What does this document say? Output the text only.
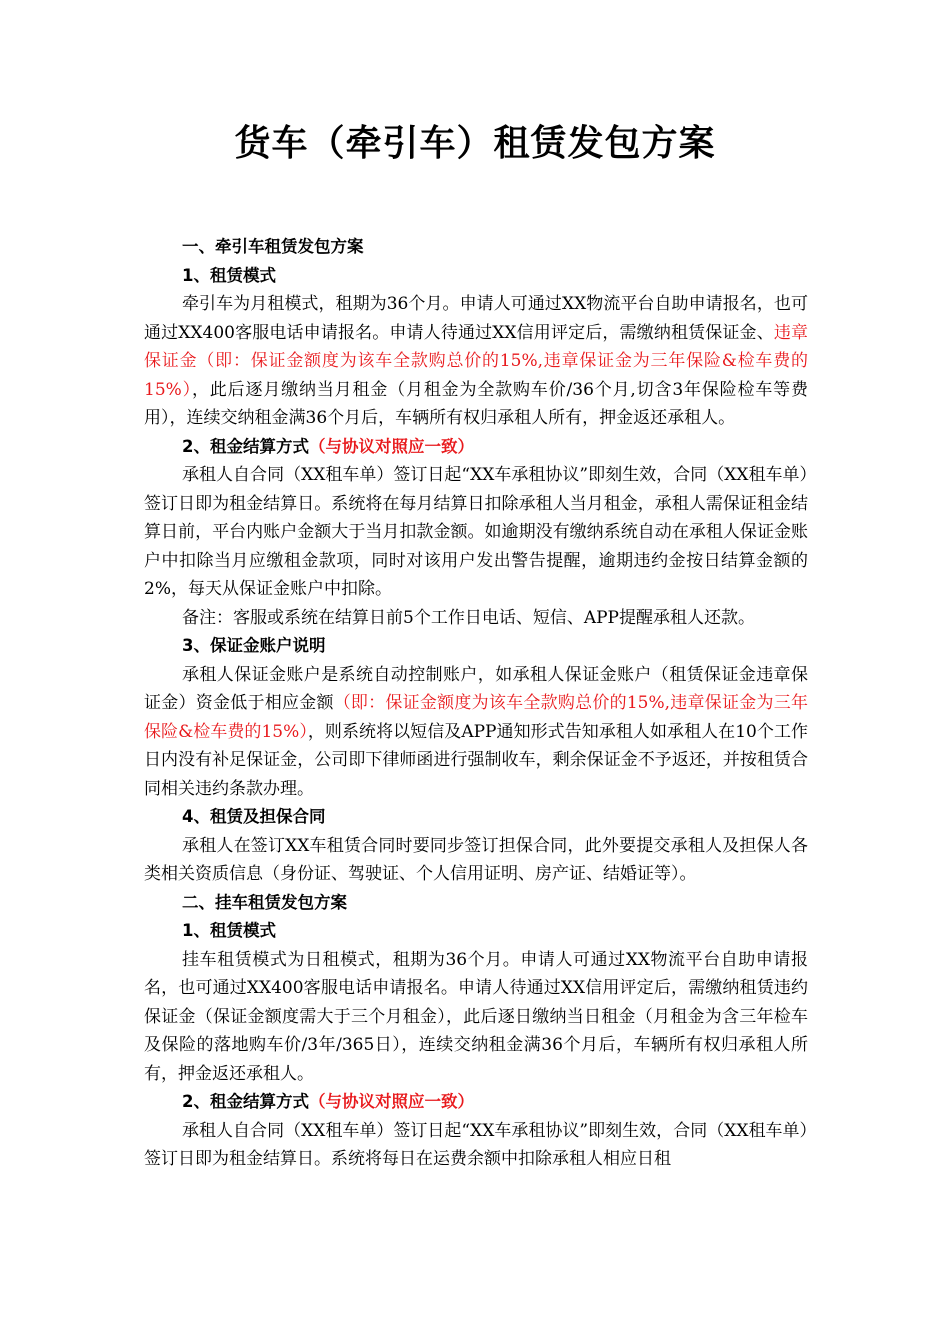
货车（牵引车）租赁发包方案
一、牵引车租赁发包方案
1、租赁模式
牵引车为月租模式，租期为36个月。申请人可通过XX物流平台自助申请报名，也可通过XX400客服电话申请报名。申请人待通过XX信用评定后，需缴纳租赁保证金、违章保证金（即：保证金额度为该车全款购总价的15%,违章保证金为三年保险&检车费的15%），此后逐月缴纳当月租金（月租金为全款购车价/36个月,切含3年保险检车等费用），连续交纳租金满36个月后，车辆所有权归承租人所有，押金返还承租人。
2、租金结算方式（与协议对照应一致）
承租人自合同（XX租车单）签订日起“XX车承租协议”即刻生效，合同（XX租车单）签订日即为租金结算日。系统将在每月结算日扣除承租人当月租金，承租人需保证租金结算日前，平台内账户金额大于当月扣款金额。如逾期没有缴纳系统自动在承租人保证金账户中扣除当月应缴租金款项，同时对该用户发出警告提醒，逾期违约金按日结算金额的2%，每天从保证金账户中扣除。
备注：客服或系统在结算日前5个工作日电话、短信、APP提醒承租人还款。
3、保证金账户说明
承租人保证金账户是系统自动控制账户，如承租人保证金账户（租赁保证金违章保证金）资金低于相应金额（即：保证金额度为该车全款购总价的15%,违章保证金为三年保险&检车费的15%），则系统将以短信及APP通知形式告知承租人如承租人在10个工作日内没有补足保证金，公司即下律师函进行强制收车，剩余保证金不予返还，并按租赁合同相关违约条款办理。
4、租赁及担保合同
承租人在签订XX车租赁合同时要同步签订担保合同，此外要提交承租人及担保人各类相关资质信息（身份证、驾驶证、个人信用证明、房产证、结婚证等）。
二、挂车租赁发包方案
1、租赁模式
挂车租赁模式为日租模式，租期为36个月。申请人可通过XX物流平台自助申请报名，也可通过XX400客服电话申请报名。申请人待通过XX信用评定后，需缴纳租赁违约保证金（保证金额度需大于三个月租金），此后逐日缴纳当日租金（月租金为含三年检车及保险的落地购车价/3年/365日），连续交纳租金满36个月后，车辆所有权归承租人所有，押金返还承租人。
2、租金结算方式（与协议对照应一致）
承租人自合同（XX租车单）签订日起“XX车承租协议”即刻生效，合同（XX租车单）签订日即为租金结算日。系统将每日在运费余额中扣除承租人相应日租
